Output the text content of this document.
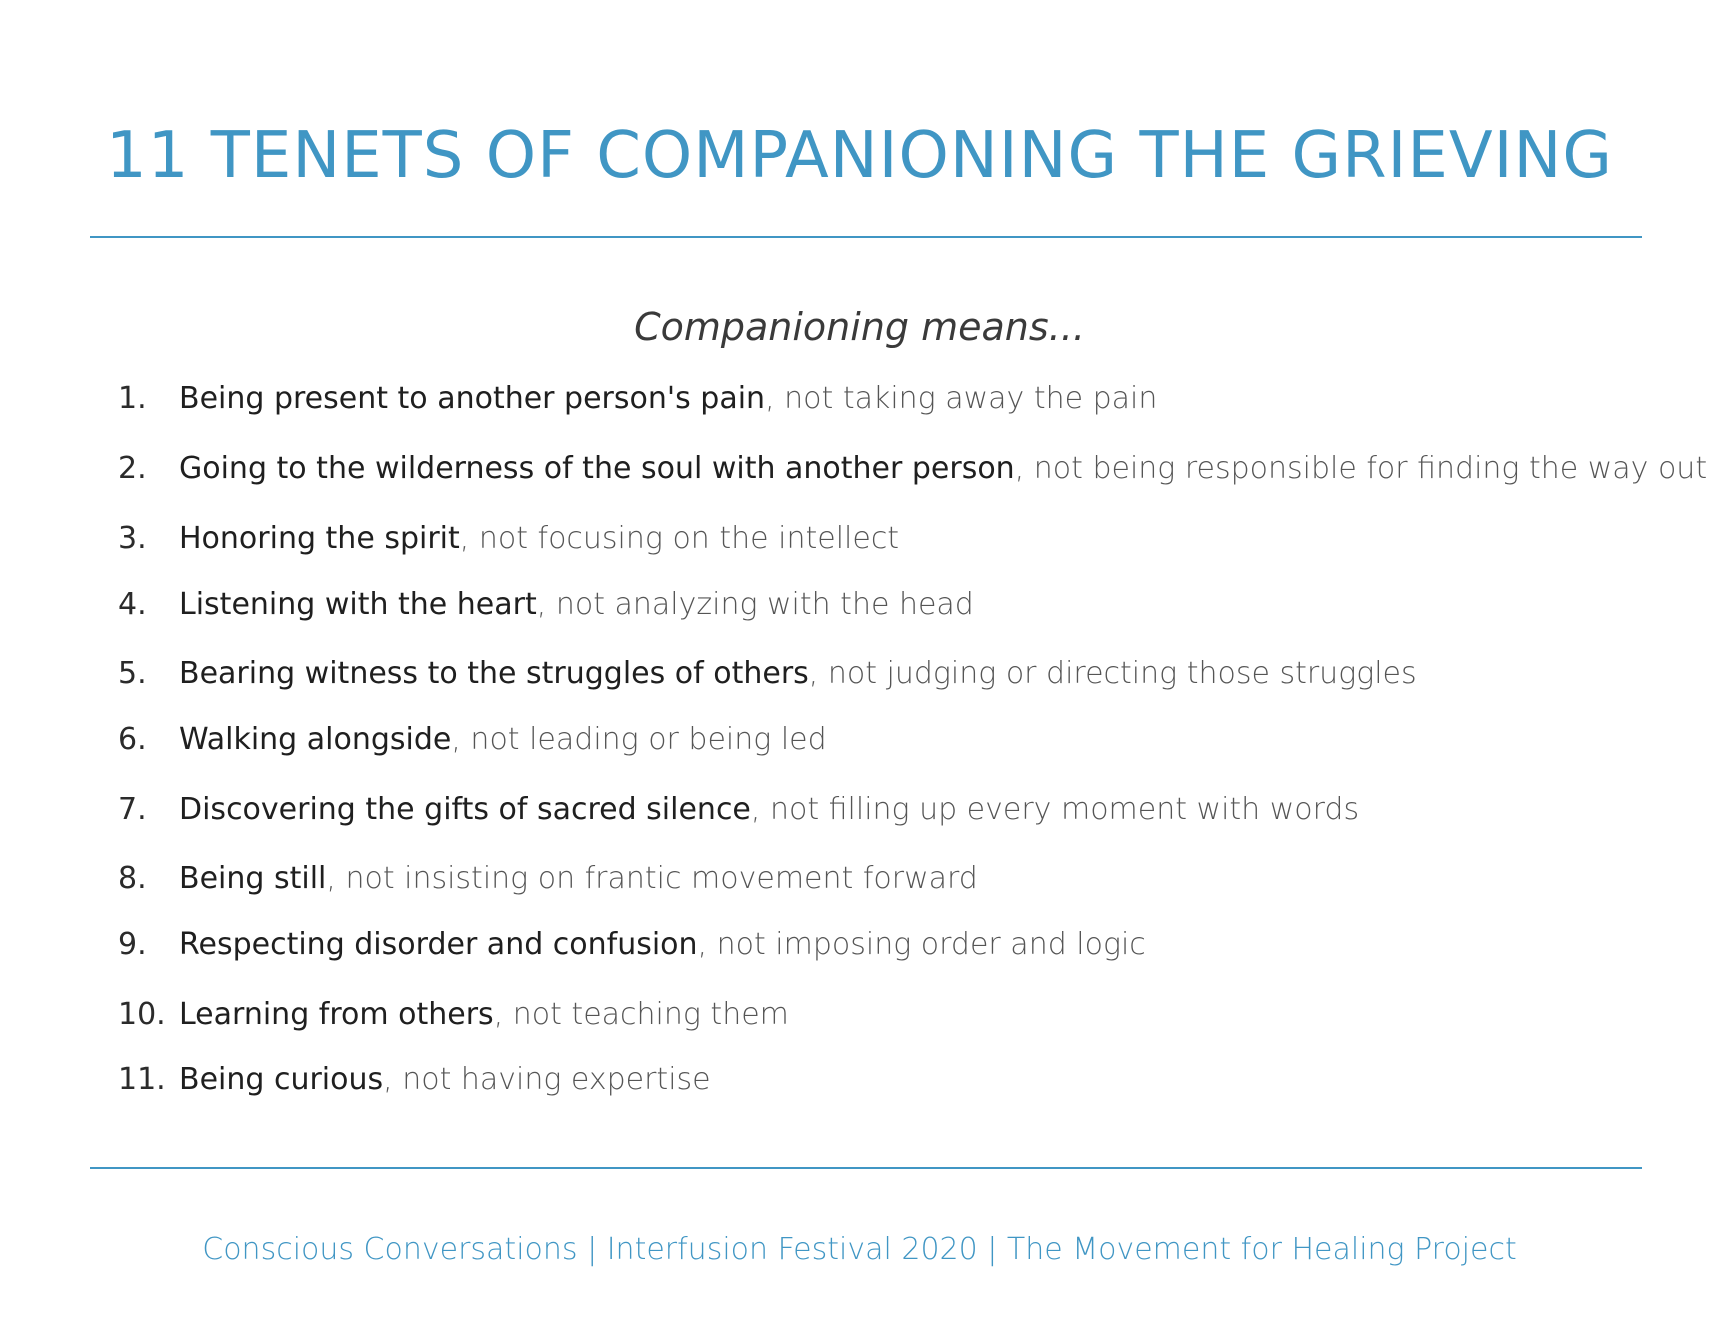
11 TENETS OF COMPANIONING THE GRIEVING

Companioning means...

1. Being present to another person's pain, not taking away the pain
2. Going to the wilderness of the soul with another person, not being responsible for finding the way out
3. Honoring the spirit, not focusing on the intellect
4. Listening with the heart, not analyzing with the head
5. Bearing witness to the struggles of others, not judging or directing those struggles
6. Walking alongside, not leading or being led
7. Discovering the gifts of sacred silence, not filling up every moment with words
8. Being still, not insisting on frantic movement forward
9. Respecting disorder and confusion, not imposing order and logic
10. Learning from others, not teaching them
11. Being curious, not having expertise

Conscious Conversations | Interfusion Festival 2020 | The Movement for Healing Project
